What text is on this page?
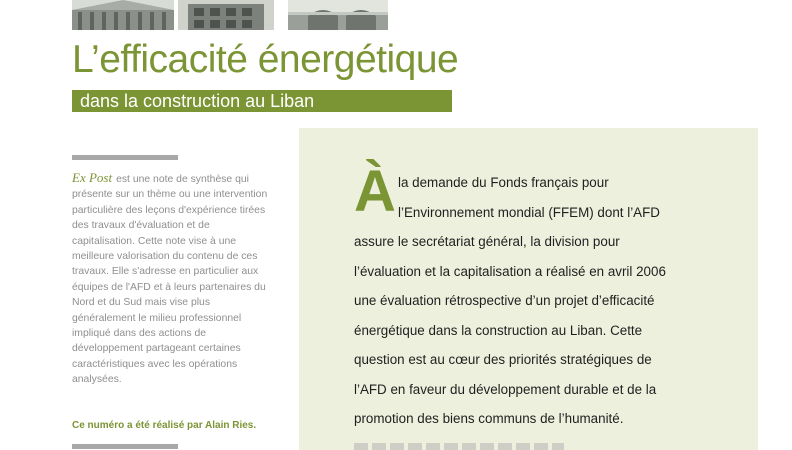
L’efficacité énergétique
dans la construction au Liban
Ex Post est une note de synthèse qui présente sur un thème ou une intervention particulière des leçons d'expérience tirées des travaux d'évaluation et de capitalisation. Cette note vise à une meilleure valorisation du contenu de ces travaux. Elle s'adresse en particulier aux équipes de l'AFD et à leurs partenaires du Nord et du Sud mais vise plus généralement le milieu professionnel impliqué dans des actions de développement partageant certaines caractéristiques avec les opérations analysées.
Ce numéro a été réalisé par Alain Ries.
À la demande du Fonds français pour
l’Environnement mondial (FFEM) dont l’AFD
assure le secrétariat général, la division pour
l’évaluation et la capitalisation a réalisé en avril 2006
une évaluation rétrospective d’un projet d’efficacité
énergétique dans la construction au Liban. Cette
question est au cœur des priorités stratégiques de
l’AFD en faveur du développement durable et de la
promotion des biens communs de l’humanité.
